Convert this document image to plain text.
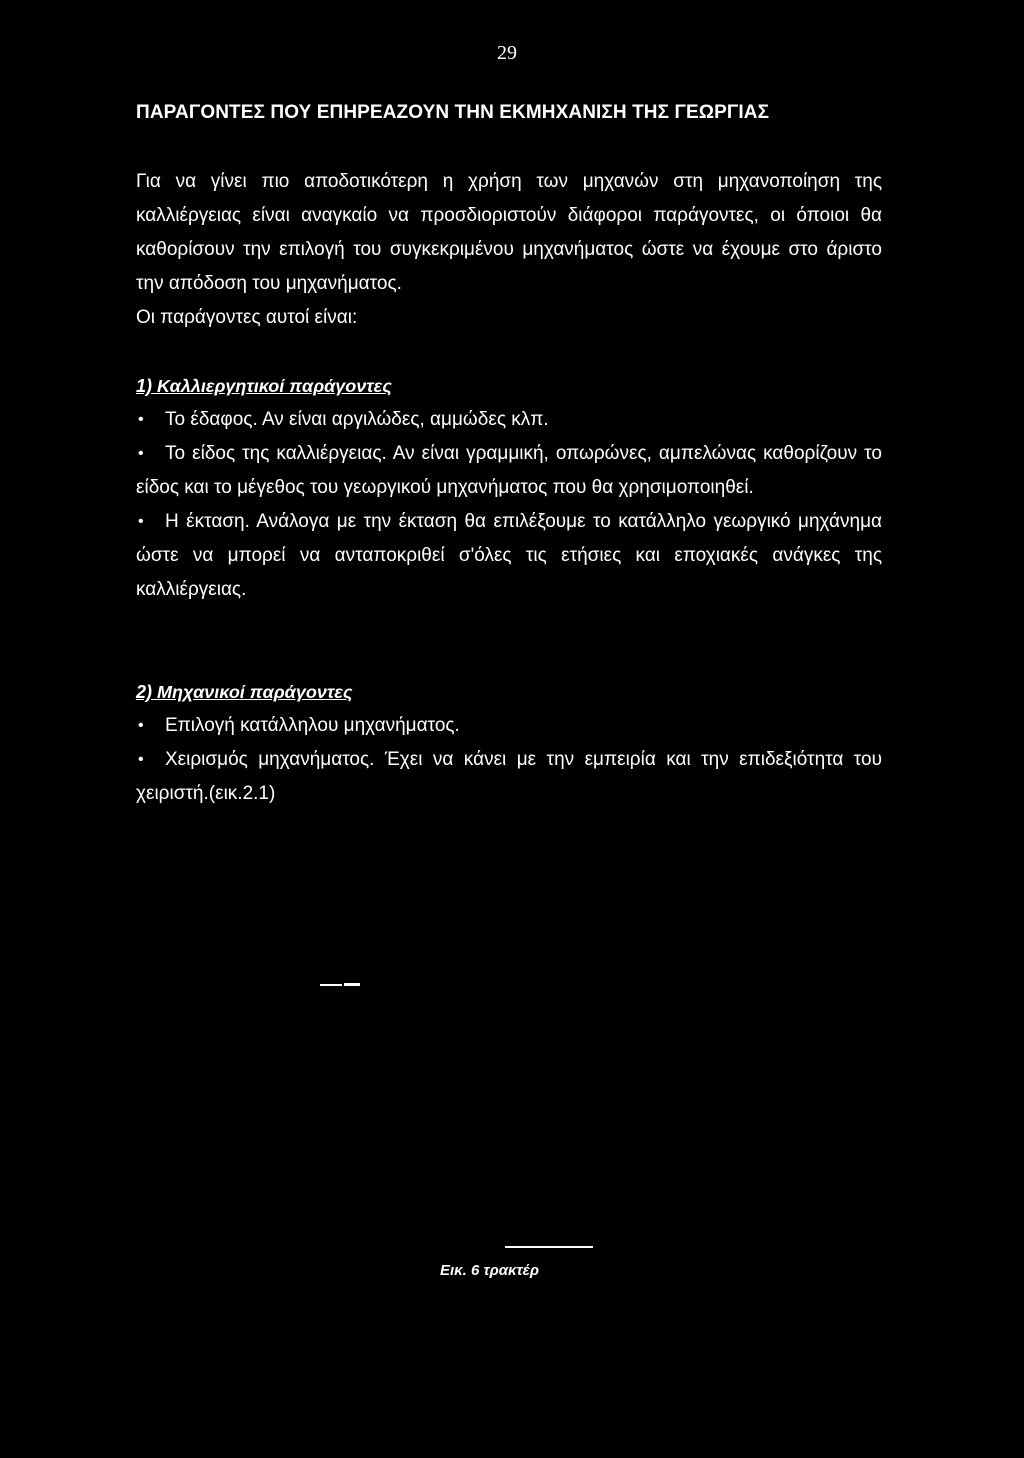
29
ΠΑΡΑΓΟΝΤΕΣ ΠΟΥ ΕΠΗΡΕΑΖΟΥΝ ΤΗΝ ΕΚΜΗΧΑΝΙΣΗ ΤΗΣ ΓΕΩΡΓΙΑΣ

Για να γίνει πιο αποδοτικότερη η χρήση των μηχανών στη μηχανοποίηση της καλλιέργειας είναι αναγκαίο να προσδιοριστούν διάφοροι παράγοντες, οι όποιοι θα καθορίσουν την επιλογή του συγκεκριμένου μηχανήματος ώστε να έχουμε στο άριστο την απόδοση του μηχανήματος.

Οι παράγοντες αυτοί είναι:

1) Καλλιεργητικοί παράγοντες

• Το έδαφος. Αν είναι αργιλώδες, αμμώδες κλπ.

• Το είδος της καλλιέργειας. Αν είναι γραμμική, οπωρώνες, αμπελώνας καθορίζουν το είδος και το μέγεθος του γεωργικού μηχανήματος που θα χρησιμοποιηθεί.

• Η έκταση. Ανάλογα με την έκταση θα επιλέξουμε το κατάλληλο γεωργικό μηχάνημα ώστε να μπορεί να ανταποκριθεί σ'όλες τις ετήσιες και εποχιακές ανάγκες της καλλιέργειας.

2) Μηχανικοί παράγοντες

• Επιλογή κατάλληλου μηχανήματος.

• Χειρισμός μηχανήματος. Έχει να κάνει με την εμπειρία και την επιδεξιότητα του χειριστή.(εικ.2.1)

Εικ. 6 τρακτέρ
